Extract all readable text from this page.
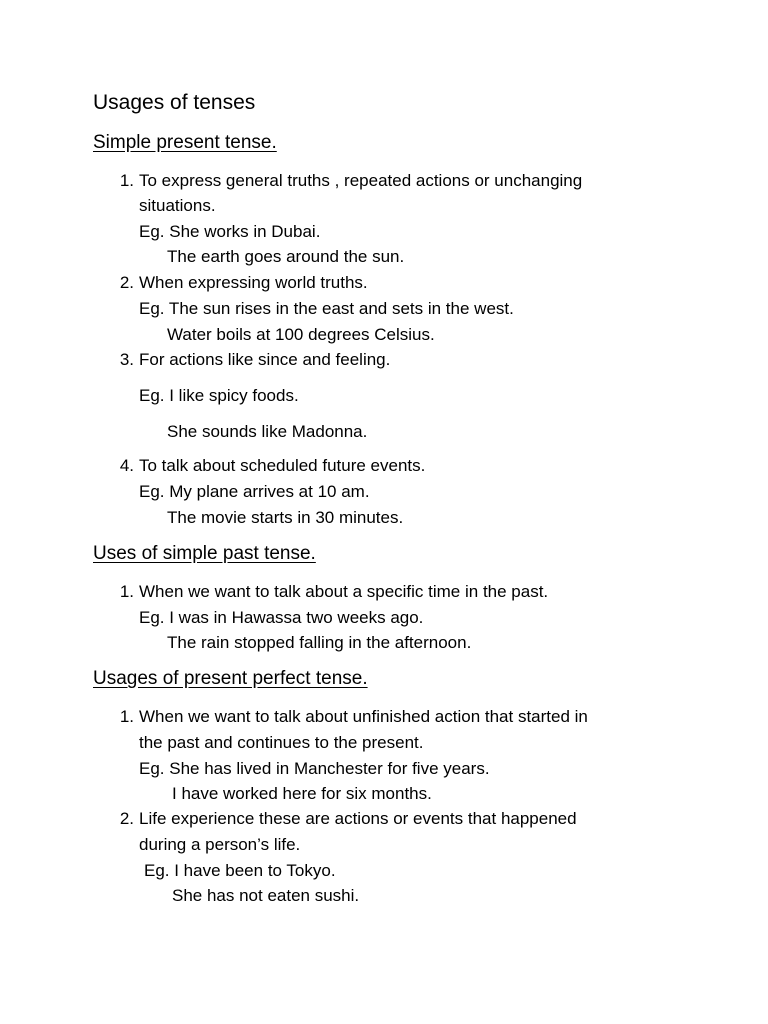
Usages of tenses
Simple present tense.
1. To express general truths , repeated actions or unchanging
situations.
Eg. She works in Dubai.
The earth goes around the sun.
2. When expressing world truths.
Eg. The sun rises in the east and sets in the west.
Water boils at 100 degrees Celsius.
3. For actions like since and feeling.
Eg. I like spicy foods.
She sounds like Madonna.
4. To talk about scheduled future events.
Eg. My plane arrives at 10 am.
The movie starts in 30 minutes.
Uses of simple past tense.
1. When we want to talk about a specific time in the past.
Eg. I was in Hawassa two weeks ago.
The rain stopped falling in the afternoon.
Usages of present perfect tense.
1. When we want to talk about unfinished action that started in
the past and continues to the present.
Eg. She has lived in Manchester for five years.
I have worked here for six months.
2. Life experience these are actions or events that happened
during a person’s life.
Eg. I have been to Tokyo.
She has not eaten sushi.
